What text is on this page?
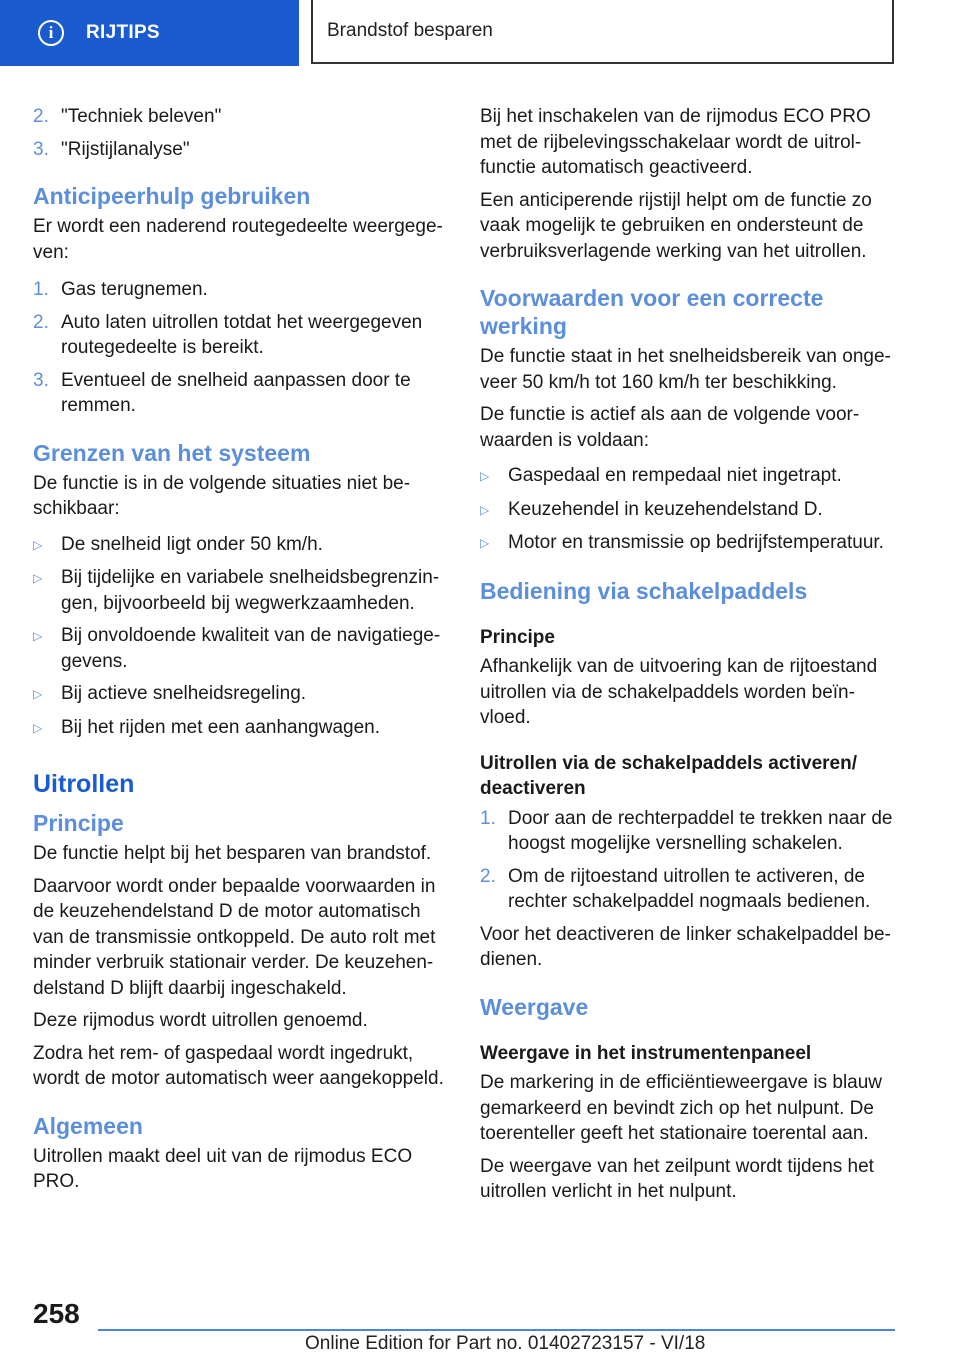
i	RIJTIPS	Brandstof besparen
2. "Techniek beleven"
3. "Rijstijlanalyse"
Anticipeerhulp gebruiken

Er wordt een naderend routegedeelte weergege-ven:

1. Gas terugnemen.
2. Auto laten uitrollen totdat het weergegeven routegedeelte is bereikt.
3. Eventueel de snelheid aanpassen door te remmen.
Grenzen van het systeem

De functie is in de volgende situaties niet be-schikbaar:

▷ De snelheid ligt onder 50 km/h.
▷ Bij tijdelijke en variabele snelheidsbegrenzin-gen, bijvoorbeeld bij wegwerkzaamheden.
▷ Bij onvoldoende kwaliteit van de navigatiege-gevens.
▷ Bij actieve snelheidsregeling.
▷ Bij het rijden met een aanhangwagen.
Uitrollen
Principe

De functie helpt bij het besparen van brandstof.

Daarvoor wordt onder bepaalde voorwaarden in de keuzehendelstand D de motor automatisch van de transmissie ontkoppeld. De auto rolt met minder verbruik stationair verder. De keuzehen-delstand D blijft daarbij ingeschakeld.

Deze rijmodus wordt uitrollen genoemd.

Zodra het rem- of gaspedaal wordt ingedrukt, wordt de motor automatisch weer aangekoppeld.

Algemeen

Uitrollen maakt deel uit van de rijmodus ECO PRO.

Bij het inschakelen van de rijmodus ECO PRO met de rijbelevingsschakelaar wordt de uitrol-functie automatisch geactiveerd.

Een anticiperende rijstijl helpt om de functie zo vaak mogelijk te gebruiken en ondersteunt de verbruiksverlagende werking van het uitrollen.

Voorwaarden voor een correcte werking

De functie staat in het snelheidsbereik van onge-veer 50 km/h tot 160 km/h ter beschikking.

De functie is actief als aan de volgende voor-waarden is voldaan:

▷ Gaspedaal en rempedaal niet ingetrapt.
▷ Keuzehendel in keuzehendelstand D.
▷ Motor en transmissie op bedrijfstemperatuur.
Bediening via schakelpaddels
Principe

Afhankelijk van de uitvoering kan de rijtoestand uitrollen via de schakelpaddels worden beïn-vloed.

Uitrollen via de schakelpaddels activeren/ deactiveren
1. Door aan de rechterpaddel te trekken naar de hoogst mogelijke versnelling schakelen.
2. Om de rijtoestand uitrollen te activeren, de rechter schakelpaddel nogmaals bedienen.

Voor het deactiveren de linker schakelpaddel be-dienen.

Weergave
Weergave in het instrumentenpaneel

De markering in de efficiëntieweergave is blauw gemarkeerd en bevindt zich op het nulpunt. De toerenteller geeft het stationaire toerental aan.

De weergave van het zeilpunt wordt tijdens het uitrollen verlicht in het nulpunt.

258
Online Edition for Part no. 01402723157 - VI/18
